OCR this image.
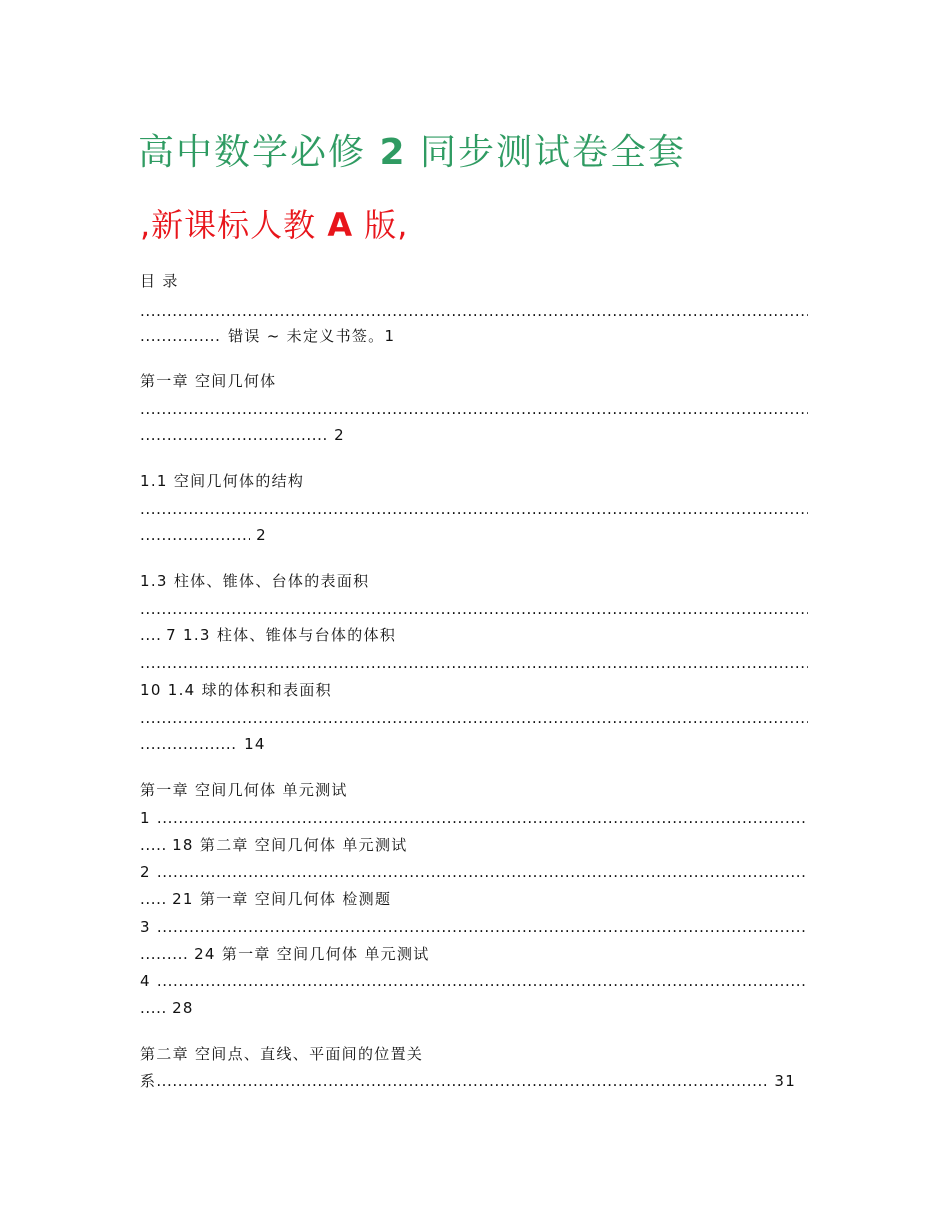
高中数学必修 2 同步测试卷全套
,新课标人教 A 版,
目 录
.....
..... 错误 ~ 未定义书签。1
第一章 空间几何体
.....
..... 2
1.1 空间几何体的结构
.....
..... 2
1.3 柱体、锥体、台体的表面积
.....
..... 7 1.3 柱体、锥体与台体的体积
.....
10 1.4 球的体积和表面积
.....
..... 14
第一章 空间几何体 单元测试
1 .....
..... 18 第二章 空间几何体 单元测试
2 .....
..... 21 第一章 空间几何体 检测题
3 .....
..... 24 第一章 空间几何体 单元测试
4 .....
..... 28
第二章 空间点、直线、平面间的位置关
系 .....	31
